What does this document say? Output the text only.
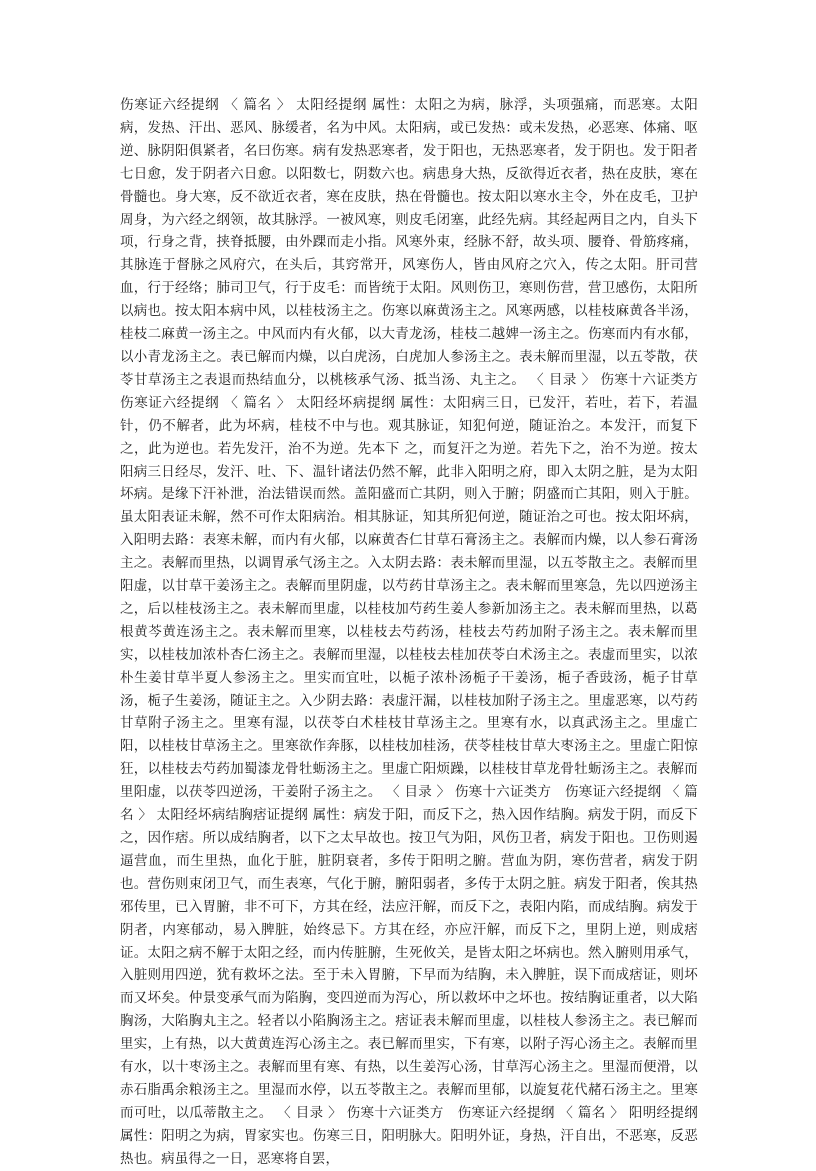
伤寒证六经提纲 〈 篇名 〉 太阳经提纲 属性：太阳之为病，脉浮，头项强痛，而恶寒。太阳病，发热、汗出、恶风、脉缓者，名为中风。太阳病，或已发热：或未发热，必恶寒、体痛、呕逆、脉阴阳俱紧者，名曰伤寒。病有发热恶寒者，发于阳也，无热恶寒者，发于阴也。发于阳者七日愈，发于阴者六日愈。以阳数七，阴数六也。病患身大热，反欲得近衣者，热在皮肤，寒在骨髓也。身大寒，反不欲近衣者，寒在皮肤，热在骨髓也。按太阳以寒水主令，外在皮毛，卫护周身，为六经之纲领，故其脉浮。一被风寒，则皮毛闭塞，此经先病。其经起两目之内，自头下项，行身之背，挟脊抵腰，由外踝而走小指。风寒外束，经脉不舒，故头项、腰脊、骨筋疼痛，其脉连于督脉之风府穴，在头后，其窍常开，风寒伤人，皆由风府之穴入，传之太阳。肝司营血，行于经络；肺司卫气，行于皮毛：而皆统于太阳。风则伤卫，寒则伤营，营卫感伤，太阳所以病也。按太阳本病中风，以桂枝汤主之。伤寒以麻黄汤主之。风寒两感，以桂枝麻黄各半汤，桂枝二麻黄一汤主之。中风而内有火郁，以大青龙汤，桂枝二越婢一汤主之。伤寒而内有水郁，以小青龙汤主之。表已解而内燥，以白虎汤，白虎加人参汤主之。表未解而里湿，以五苓散，茯苓甘草汤主之表退而热结血分，以桃核承气汤、抵当汤、丸主之。 〈 目录 〉 伤寒十六证类方　伤寒证六经提纲 〈 篇名 〉 太阳经坏病提纲 属性：太阳病三日，已发汗，若吐，若下，若温针，仍不解者，此为坏病，桂枝不中与也。观其脉证，知犯何逆，随证治之。本发汗，而复下之，此为逆也。若先发汗，治不为逆。先本下 之，而复汗之为逆。若先下之，治不为逆。按太阳病三日经尽，发汗、吐、下、温针诸法仍然不解，此非入阳明之府，即入太阴之脏，是为太阳坏病。是缘下汗补泄，治法错误而然。盖阳盛而亡其阴，则入于腑；阴盛而亡其阳，则入于脏。虽太阳表证未解，然不可作太阳病治。相其脉证，知其所犯何逆，随证治之可也。按太阳坏病，入阳明去路：表寒未解，而内有火郁，以麻黄杏仁甘草石膏汤主之。表解而内燥，以人参石膏汤主之。表解而里热，以调胃承气汤主之。入太阴去路：表未解而里湿，以五苓散主之。表解而里阳虚，以甘草干姜汤主之。表解而里阴虚，以芍药甘草汤主之。表未解而里寒急，先以四逆汤主之，后以桂枝汤主之。表未解而里虚，以桂枝加芍药生姜人参新加汤主之。表未解而里热，以葛根黄芩黄连汤主之。表未解而里寒，以桂枝去芍药汤，桂枝去芍药加附子汤主之。表未解而里实，以桂枝加浓朴杏仁汤主之。表解而里湿，以桂枝去桂加茯苓白术汤主之。表虚而里实，以浓朴生姜甘草半夏人参汤主之。里实而宜吐，以栀子浓朴汤栀子干姜汤，栀子香豉汤，栀子甘草汤，栀子生姜汤，随证主之。入少阴去路：表虚汗漏，以桂枝加附子汤主之。里虚恶寒，以芍药甘草附子汤主之。里寒有湿，以茯苓白术桂枝甘草汤主之。里寒有水，以真武汤主之。里虚亡阳，以桂枝甘草汤主之。里寒欲作奔豚，以桂枝加桂汤，茯苓桂枝甘草大枣汤主之。里虚亡阳惊狂，以桂枝去芍药加蜀漆龙骨牡蛎汤主之。里虚亡阳烦躁，以桂枝甘草龙骨牡蛎汤主之。表解而里阳虚，以茯苓四逆汤，干姜附子汤主之。 〈 目录 〉 伤寒十六证类方　伤寒证六经提纲 〈 篇名 〉 太阳经坏病结胸痞证提纲 属性：病发于阳，而反下之，热入因作结胸。病发于阴，而反下之，因作痞。所以成结胸者，以下之太早故也。按卫气为阳，风伤卫者，病发于阳也。卫伤则遏逼营血，而生里热，血化于脏，脏阴衰者，多传于阳明之腑。营血为阴，寒伤营者，病发于阴也。营伤则束闭卫气，而生表寒，气化于腑，腑阳弱者，多传于太阴之脏。病发于阳者，俟其热邪传里，已入胃腑，非不可下，方其在经，法应汗解，而反下之，表阳内陷，而成结胸。病发于阴者，内寒郁动，易入脾脏，始终忌下。方其在经，亦应汗解，而反下之，里阴上逆，则成痞证。太阳之病不解于太阳之经，而内传脏腑，生死攸关，是皆太阳之坏病也。然入腑则用承气，入脏则用四逆，犹有救坏之法。至于未入胃腑，下早而为结胸，未入脾脏，误下而成痞证，则坏而又坏矣。仲景变承气而为陷胸，变四逆而为泻心，所以救坏中之坏也。按结胸证重者，以大陷胸汤，大陷胸丸主之。轻者以小陷胸汤主之。痞证表未解而里虚，以桂枝人参汤主之。表已解而里实，上有热，以大黄黄连泻心汤主之。表已解而里实，下有寒，以附子泻心汤主之。表解而里有水，以十枣汤主之。表解而里有寒、有热，以生姜泻心汤，甘草泻心汤主之。里湿而便滑，以赤石脂禹余粮汤主之。里湿而水停，以五苓散主之。表解而里郁，以旋复花代赭石汤主之。里寒而可吐，以瓜蒂散主之。 〈 目录 〉 伤寒十六证类方　伤寒证六经提纲 〈 篇名 〉 阳明经提纲 属性：阳明之为病，胃家实也。伤寒三日，阳明脉大。阳明外证，身热，汗自出，不恶寒，反恶热也。病虽得之一日，恶寒将自罢，
